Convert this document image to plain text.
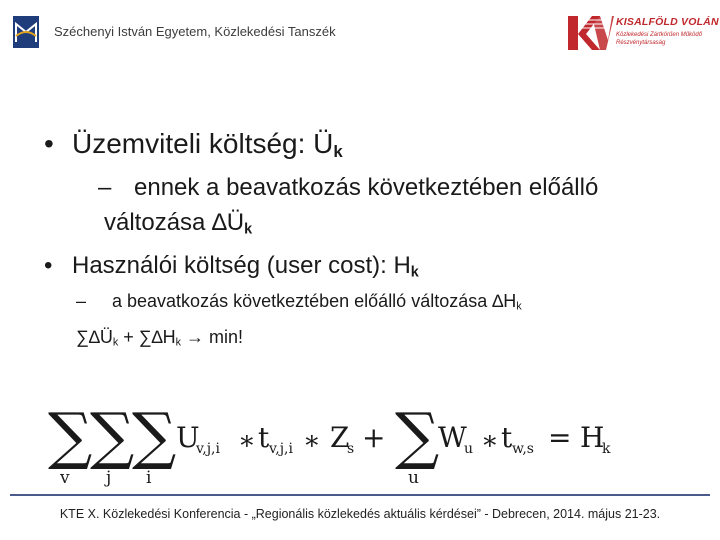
Széchenyi István Egyetem, Közlekedési Tanszék
KISALFÖLD VOLÁN
Közlekedési Zártkörűen Működő
Részvénytársaság
• Üzemviteli költség: $Ü_k$
– ennek a beavatkozás következtében előálló
változása $\Delta Ü_k$
• Használói költség (user cost): $H_k$
– a beavatkozás következtében előálló változása $\Delta H_k$
$\sum\Delta Ü_k + \sum\Delta H_k \to \min$!
∑
v
∑
j
∑
i
U
v,j,i ∗ t v,j,i ∗ Z
s + ∑
u
W
u ∗ t w,s = H
k
KTE X. Közlekedési Konferencia - „Regionális közlekedés aktuális kérdései” - Debrecen, 2014. május 21-23.
